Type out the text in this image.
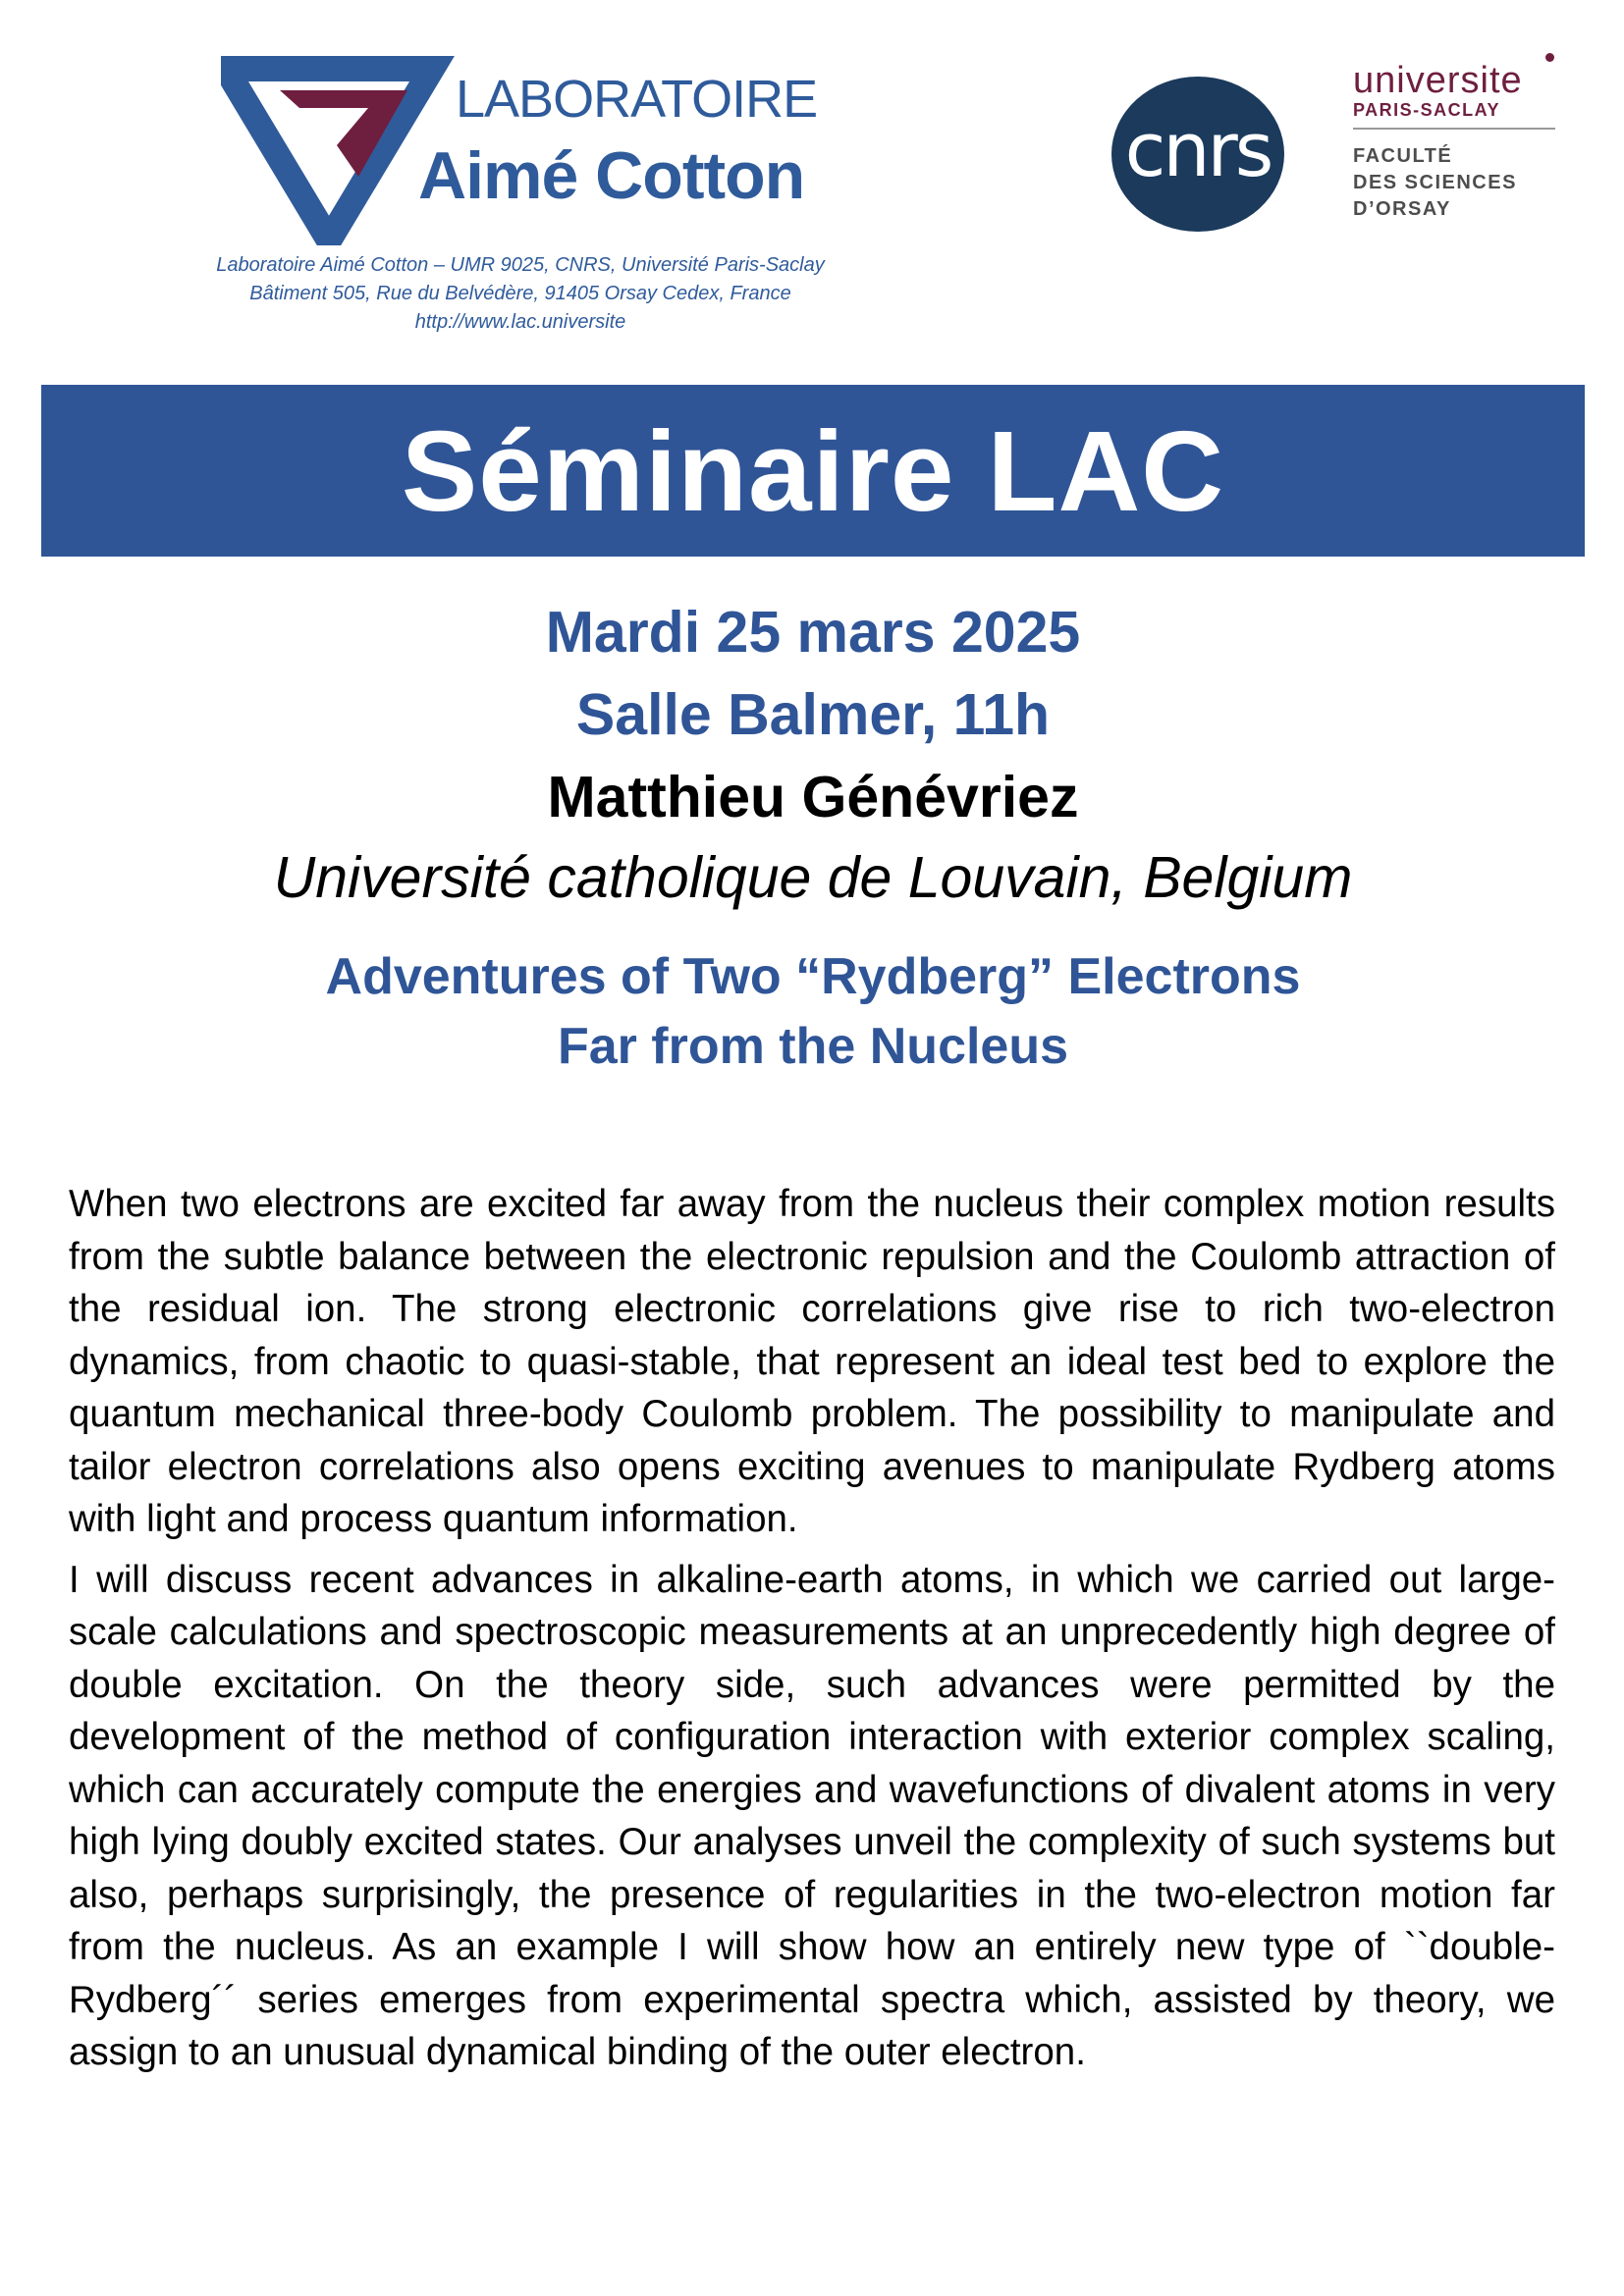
LABORATOIRE
Aimé Cotton
Laboratoire Aimé Cotton – UMR 9025, CNRS, Université Paris-Saclay
Bâtiment 505, Rue du Belvédère, 91405 Orsay Cedex, France
http://www.lac.universite
cnrs
universite
PARIS-SACLAY
FACULTÉ
DES SCIENCES
D’ORSAY
Séminaire LAC
Mardi 25 mars 2025
Salle Balmer, 11h
Matthieu Génévriez
Université catholique de Louvain, Belgium
Adventures of Two “Rydberg” Electrons
Far from the Nucleus

When two electrons are excited far away from the nucleus their complex motion results from the subtle balance between the electronic repulsion and the Coulomb attraction of the residual ion. The strong electronic correlations give rise to rich two-electron dynamics, from chaotic to quasi-stable, that represent an ideal test bed to explore the quantum mechanical three-body Coulomb problem. The possibility to manipulate and tailor electron correlations also opens exciting avenues to manipulate Rydberg atoms with light and process quantum information.

I will discuss recent advances in alkaline-earth atoms, in which we carried out large-scale calculations and spectroscopic measurements at an unprecedently high degree of double excitation. On the theory side, such advances were permitted by the development of the method of configuration interaction with exterior complex scaling, which can accurately compute the energies and wavefunctions of divalent atoms in very high lying doubly excited states. Our analyses unveil the complexity of such systems but also, perhaps surprisingly, the presence of regularities in the two-electron motion far from the nucleus. As an example I will show how an entirely new type of ``double-Rydberg´´ series emerges from experimental spectra which, assisted by theory, we assign to an unusual dynamical binding of the outer electron.
